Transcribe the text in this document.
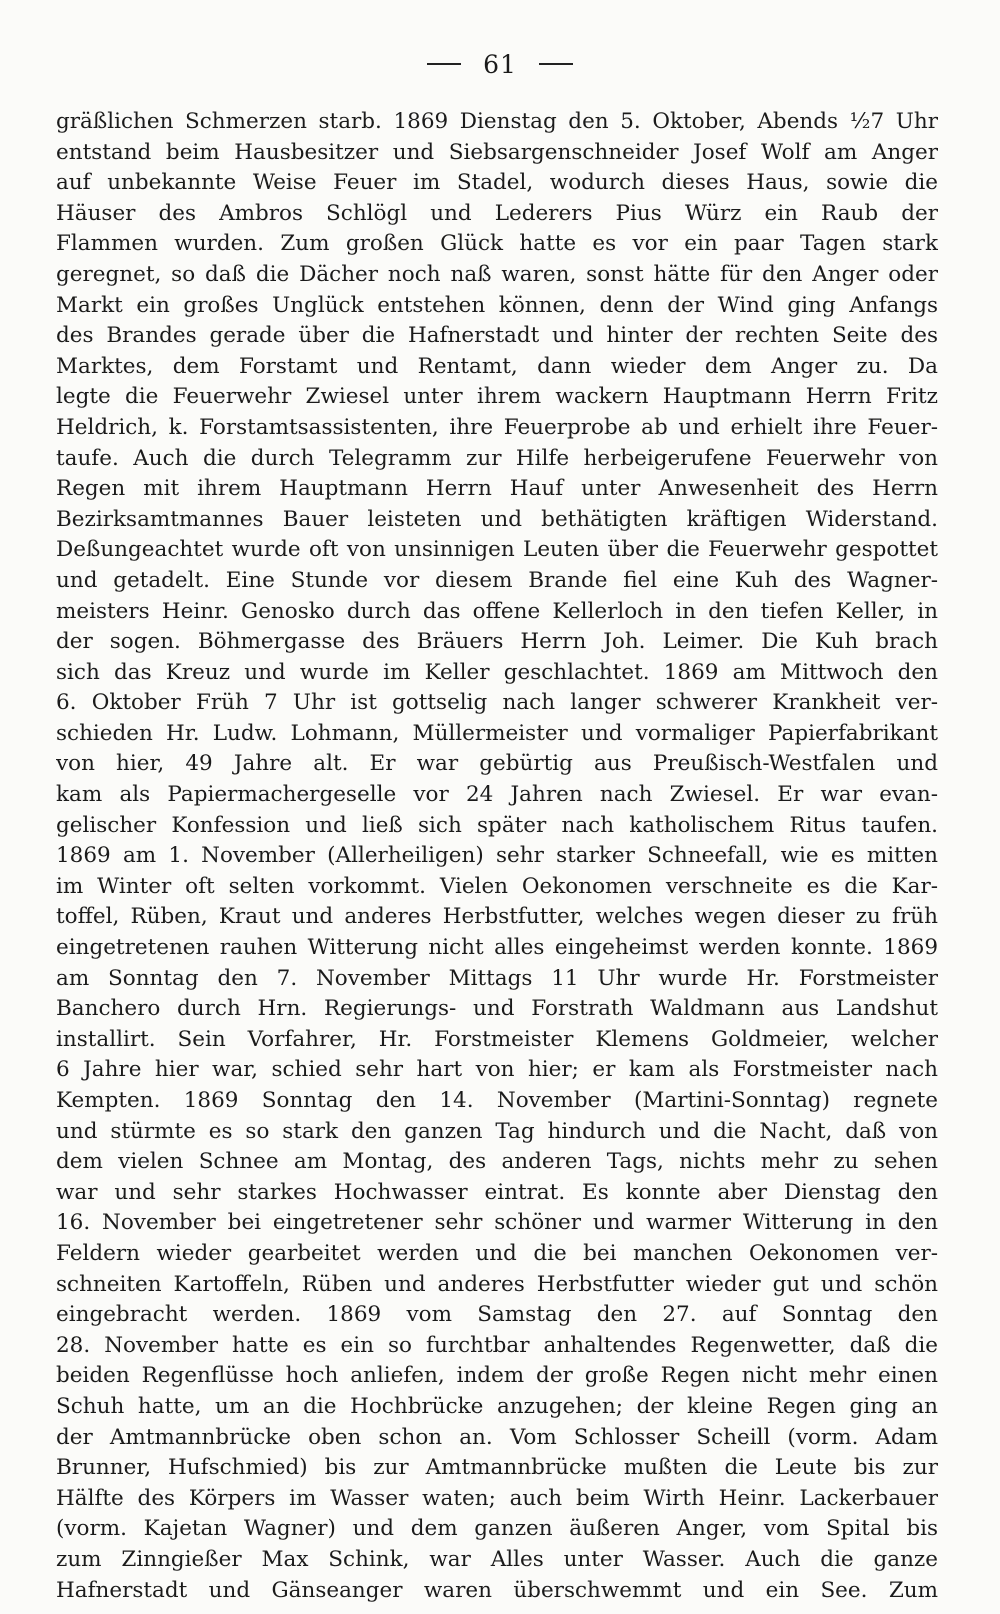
61
gräßlichen Schmerzen starb. 1869 Dienstag den 5. Oktober, Abends ½7 Uhr
entstand beim Hausbesitzer und Siebsargenschneider Josef Wolf am Anger
auf unbekannte Weise Feuer im Stadel, wodurch dieses Haus, sowie die
Häuser des Ambros Schlögl und Lederers Pius Würz ein Raub der
Flammen wurden. Zum großen Glück hatte es vor ein paar Tagen stark
geregnet, so daß die Dächer noch naß waren, sonst hätte für den Anger oder
Markt ein großes Unglück entstehen können, denn der Wind ging Anfangs
des Brandes gerade über die Hafnerstadt und hinter der rechten Seite des
Marktes, dem Forstamt und Rentamt, dann wieder dem Anger zu. Da
legte die Feuerwehr Zwiesel unter ihrem wackern Hauptmann Herrn Fritz
Heldrich, k. Forstamtsassistenten, ihre Feuerprobe ab und erhielt ihre Feuer-
taufe. Auch die durch Telegramm zur Hilfe herbeigerufene Feuerwehr von
Regen mit ihrem Hauptmann Herrn Hauf unter Anwesenheit des Herrn
Bezirksamtmannes Bauer leisteten und bethätigten kräftigen Widerstand.
Deßungeachtet wurde oft von unsinnigen Leuten über die Feuerwehr gespottet
und getadelt. Eine Stunde vor diesem Brande fiel eine Kuh des Wagner-
meisters Heinr. Genosko durch das offene Kellerloch in den tiefen Keller, in
der sogen. Böhmergasse des Bräuers Herrn Joh. Leimer. Die Kuh brach
sich das Kreuz und wurde im Keller geschlachtet. 1869 am Mittwoch den
6. Oktober Früh 7 Uhr ist gottselig nach langer schwerer Krankheit ver-
schieden Hr. Ludw. Lohmann, Müllermeister und vormaliger Papierfabrikant
von hier, 49 Jahre alt. Er war gebürtig aus Preußisch-Westfalen und
kam als Papiermachergeselle vor 24 Jahren nach Zwiesel. Er war evan-
gelischer Konfession und ließ sich später nach katholischem Ritus taufen.
1869 am 1. November (Allerheiligen) sehr starker Schneefall, wie es mitten
im Winter oft selten vorkommt. Vielen Oekonomen verschneite es die Kar-
toffel, Rüben, Kraut und anderes Herbstfutter, welches wegen dieser zu früh
eingetretenen rauhen Witterung nicht alles eingeheimst werden konnte. 1869
am Sonntag den 7. November Mittags 11 Uhr wurde Hr. Forstmeister
Banchero durch Hrn. Regierungs- und Forstrath Waldmann aus Landshut
installirt. Sein Vorfahrer, Hr. Forstmeister Klemens Goldmeier, welcher
6 Jahre hier war, schied sehr hart von hier; er kam als Forstmeister nach
Kempten. 1869 Sonntag den 14. November (Martini-Sonntag) regnete
und stürmte es so stark den ganzen Tag hindurch und die Nacht, daß von
dem vielen Schnee am Montag, des anderen Tags, nichts mehr zu sehen
war und sehr starkes Hochwasser eintrat. Es konnte aber Dienstag den
16. November bei eingetretener sehr schöner und warmer Witterung in den
Feldern wieder gearbeitet werden und die bei manchen Oekonomen ver-
schneiten Kartoffeln, Rüben und anderes Herbstfutter wieder gut und schön
eingebracht werden. 1869 vom Samstag den 27. auf Sonntag den
28. November hatte es ein so furchtbar anhaltendes Regenwetter, daß die
beiden Regenflüsse hoch anliefen, indem der große Regen nicht mehr einen
Schuh hatte, um an die Hochbrücke anzugehen; der kleine Regen ging an
der Amtmannbrücke oben schon an. Vom Schlosser Scheill (vorm. Adam
Brunner, Hufschmied) bis zur Amtmannbrücke mußten die Leute bis zur
Hälfte des Körpers im Wasser waten; auch beim Wirth Heinr. Lackerbauer
(vorm. Kajetan Wagner) und dem ganzen äußeren Anger, vom Spital bis
zum Zinngießer Max Schink, war Alles unter Wasser. Auch die ganze
Hafnerstadt und Gänseanger waren überschwemmt und ein See. Zum
